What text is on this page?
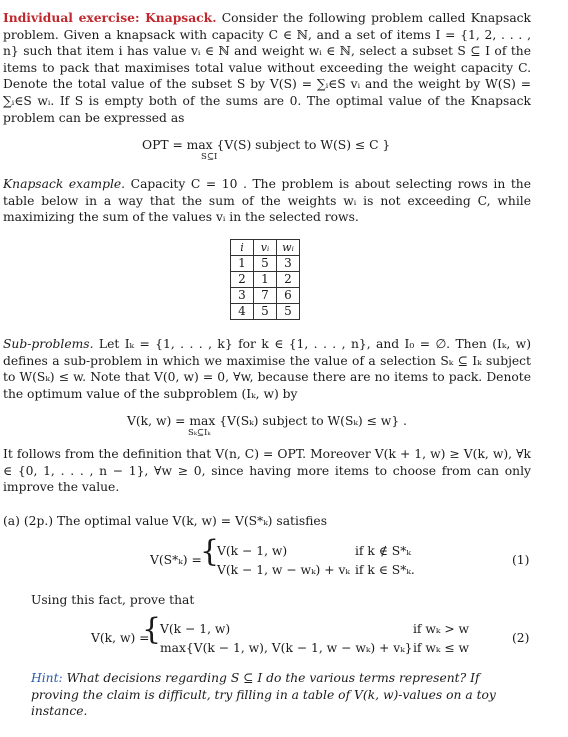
Individual exercise: Knapsack. Consider the following problem called Knapsack problem. Given a knapsack with capacity C ∈ ℕ, and a set of items I = {1, 2, . . . , n} such that item i has value vᵢ ∈ ℕ and weight wᵢ ∈ ℕ, select a subset S ⊆ I of the items to pack that maximises total value without exceeding the weight capacity C. Denote the total value of the subset S by V(S) = ∑ᵢ∈S vᵢ and the weight by W(S) = ∑ᵢ∈S wᵢ. If S is empty both of the sums are 0. The optimal value of the Knapsack problem can be expressed as
OPT = max {V(S) subject to W(S) ≤ C }
S⊆I
Knapsack example. Capacity C = 10 . The problem is about selecting rows in the table below in a way that the sum of the weights wᵢ is not exceeding C, while maximizing the sum of the values vᵢ in the selected rows.
i	vᵢ	wᵢ
1	5	3
2	1	2
3	7	6
4	5	5
Sub-problems. Let Iₖ = {1, . . . , k} for k ∈ {1, . . . , n}, and I₀ = ∅. Then (Iₖ, w) defines a sub-problem in which we maximise the value of a selection Sₖ ⊆ Iₖ subject to W(Sₖ) ≤ w. Note that V(0, w) = 0, ∀w, because there are no items to pack. Denote the optimum value of the subproblem (Iₖ, w) by
V(k, w) = max {V(Sₖ) subject to W(Sₖ) ≤ w} .
Sₖ⊆Iₖ
It follows from the definition that V(n, C) = OPT. Moreover V(k + 1, w) ≥ V(k, w), ∀k ∈ {0, 1, . . . , n − 1}, ∀w ≥ 0, since having more items to choose from can only improve the value.
(a) (2p.) The optimal value V(k, w) = V(S*ₖ) satisfies
V(S*ₖ) =
{
V(k − 1, w)	if k ∉ S*ₖ
V(k − 1, w − wₖ) + vₖ if k ∈ S*ₖ.
(1)
Using this fact, prove that
V(k, w) =
{
V(k − 1, w)	if wₖ > w
max{V(k − 1, w), V(k − 1, w − wₖ) + vₖ} if wₖ ≤ w
(2)
Hint: What decisions regarding S ⊆ I do the various terms represent? If proving the claim is difficult, try filling in a table of V(k, w)-values on a toy instance.
